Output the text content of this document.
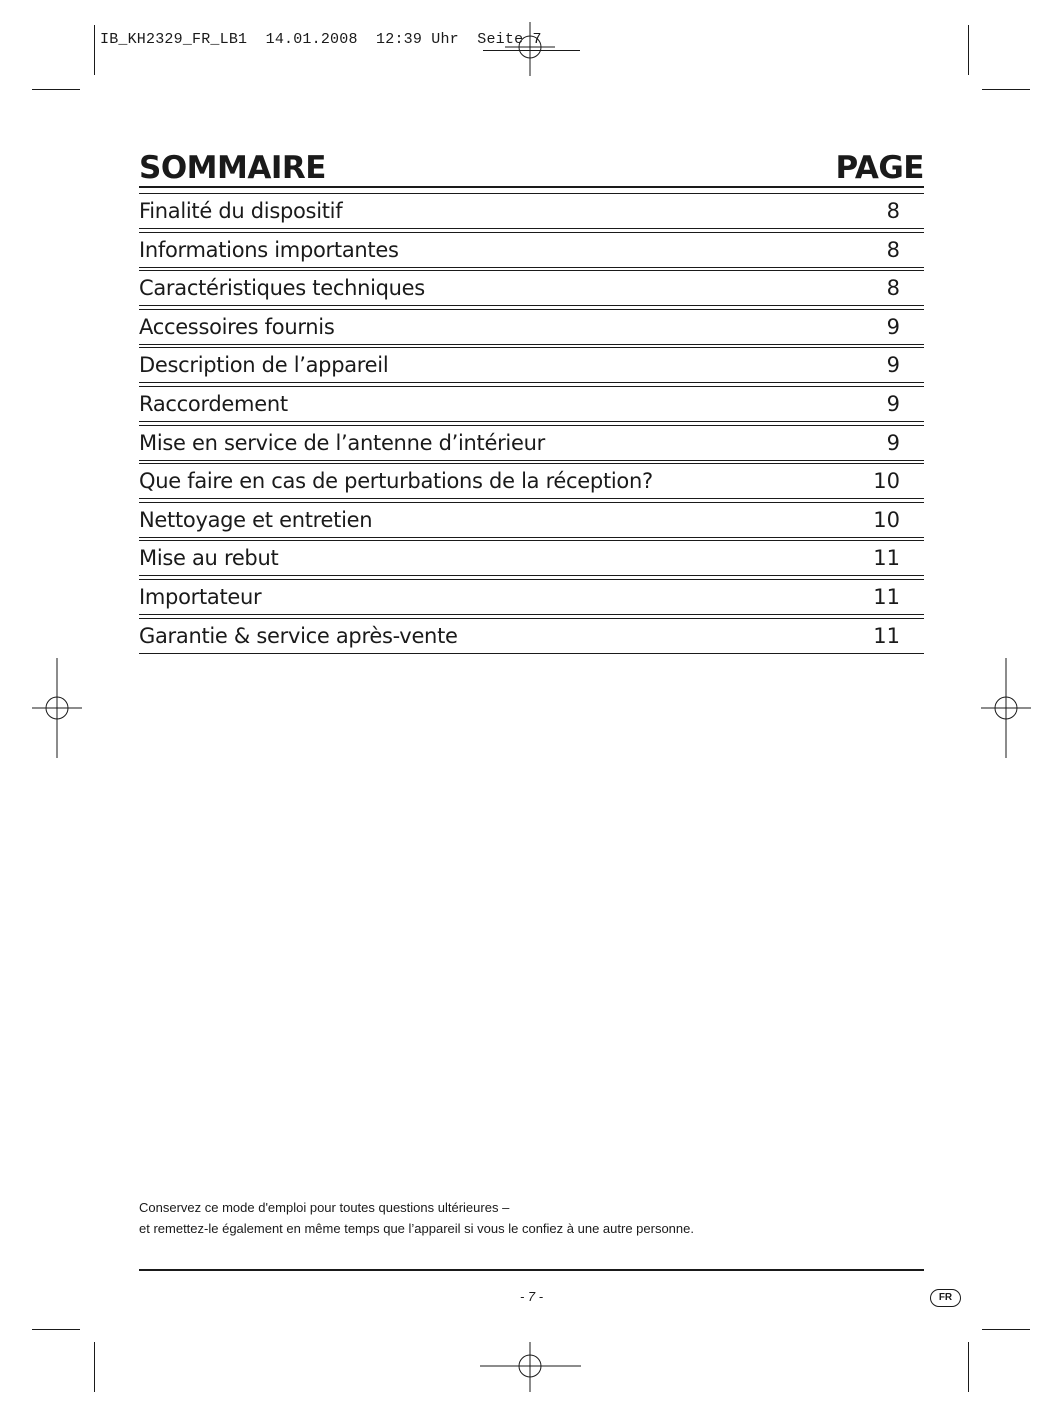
IB_KH2329_FR_LB1  14.01.2008  12:39 Uhr  Seite 7
SOMMAIRE	PAGE
Finalité du dispositif	8
Informations importantes	8
Caractéristiques techniques	8
Accessoires fournis	9
Description de l’appareil	9
Raccordement	9
Mise en service de l’antenne d’intérieur	9
Que faire en cas de perturbations de la réception?	10
Nettoyage et entretien	10
Mise au rebut	11
Importateur	11
Garantie & service après-vente	11
Conservez ce mode d'emploi pour toutes questions ultérieures –
et remettez-le également en même temps que l’appareil si vous le confiez à une autre personne.
- 7 -	FR
